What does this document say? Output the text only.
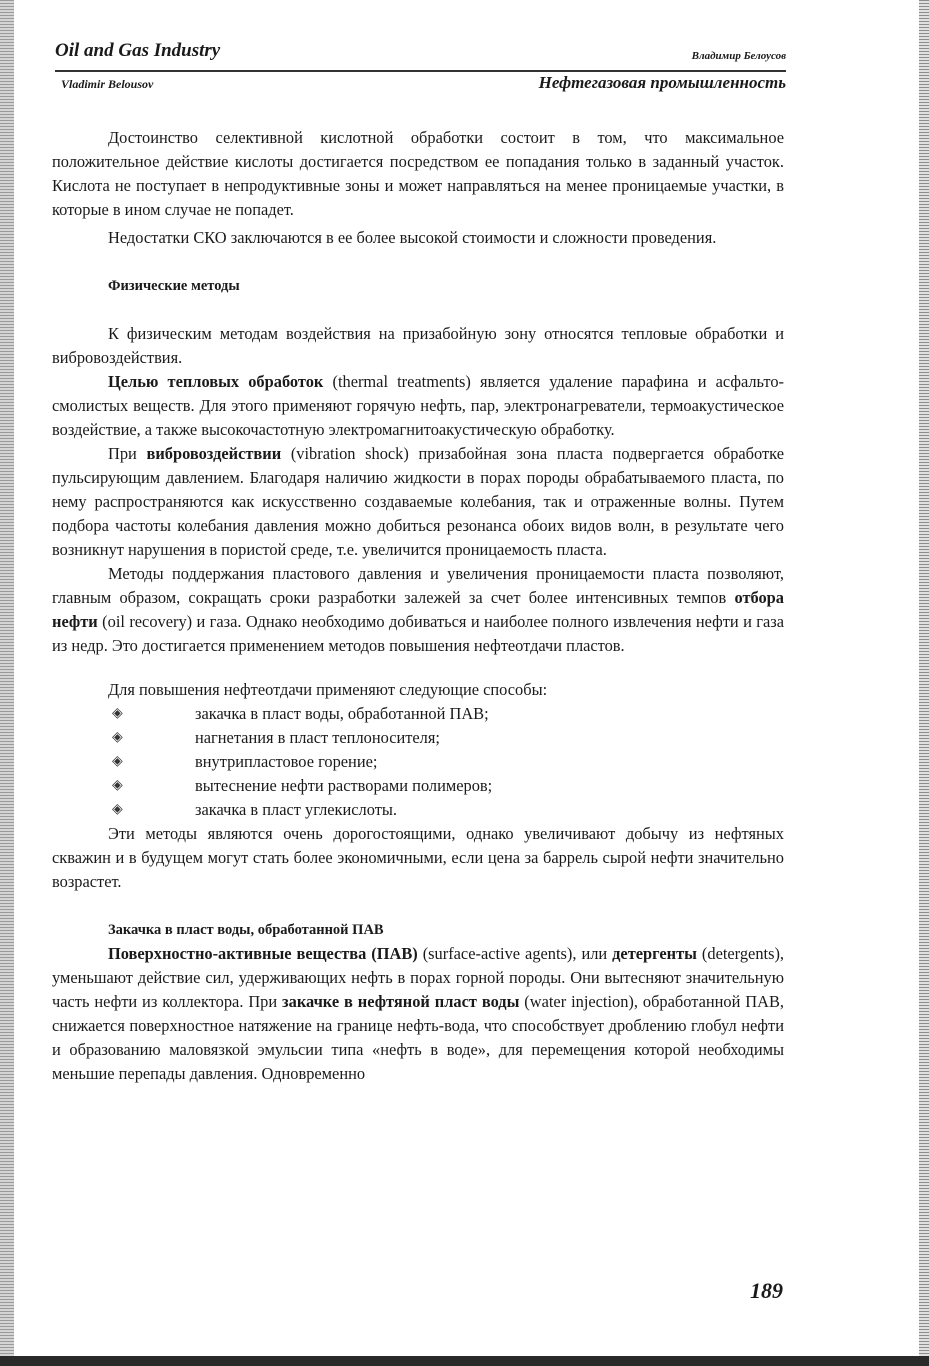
Oil and Gas Industry	Владимир Белоусов
Vladimir Belousov	Нефтегазовая промышленность

Достоинство селективной кислотной обработки состоит в том, что максимальное положительное действие кислоты достигается посредством ее попадания только в заданный участок. Кислота не поступает в непродуктивные зоны и может направляться на менее проницаемые участки, в которые в ином случае не попадет.

Недостатки СКО заключаются в ее более высокой стоимости и сложности проведения.

Физические методы

К физическим методам воздействия на призабойную зону относятся тепловые обработки и вибровоздействия.

Целью тепловых обработок (thermal treatments) является удаление парафина и асфальто-смолистых веществ. Для этого применяют горячую нефть, пар, электронагреватели, термоакустическое воздействие, а также высокочастотную электромагнитоакустическую обработку.

При вибровоздействии (vibration shock) призабойная зона пласта подвергается обработке пульсирующим давлением. Благодаря наличию жидкости в порах породы обрабатываемого пласта, по нему распространяются как искусственно создаваемые колебания, так и отраженные волны. Путем подбора частоты колебания давления можно добиться резонанса обоих видов волн, в результате чего возникнут нарушения в пористой среде, т.е. увеличится проницаемость пласта.

Методы поддержания пластового давления и увеличения проницаемости пласта позволяют, главным образом, сокращать сроки разработки залежей за счет более интенсивных темпов отбора нефти (oil recovery) и газа. Однако необходимо добиваться и наиболее полного извлечения нефти и газа из недр. Это достигается применением методов повышения нефтеотдачи пластов.

Для повышения нефтеотдачи применяют следующие способы:

◈	закачка в пласт воды, обработанной ПАВ;
◈	нагнетания в пласт теплоносителя;
◈	внутрипластовое горение;
◈	вытеснение нефти растворами полимеров;
◈	закачка в пласт углекислоты.

Эти методы являются очень дорогостоящими, однако увеличивают добычу из нефтяных скважин и в будущем могут стать более экономичными, если цена за баррель сырой нефти значительно возрастет.

Закачка в пласт воды, обработанной ПАВ

Поверхностно-активные вещества (ПАВ) (surface-active agents), или детергенты (detergents), уменьшают действие сил, удерживающих нефть в порах горной породы. Они вытесняют значительную часть нефти из коллектора. При закачке в нефтяной пласт воды (water injection), обработанной ПАВ, снижается поверхностное натяжение на границе нефть-вода, что способствует дроблению глобул нефти и образованию маловязкой эмульсии типа «нефть в воде», для перемещения которой необходимы меньшие перепады давления. Одновременно

189
